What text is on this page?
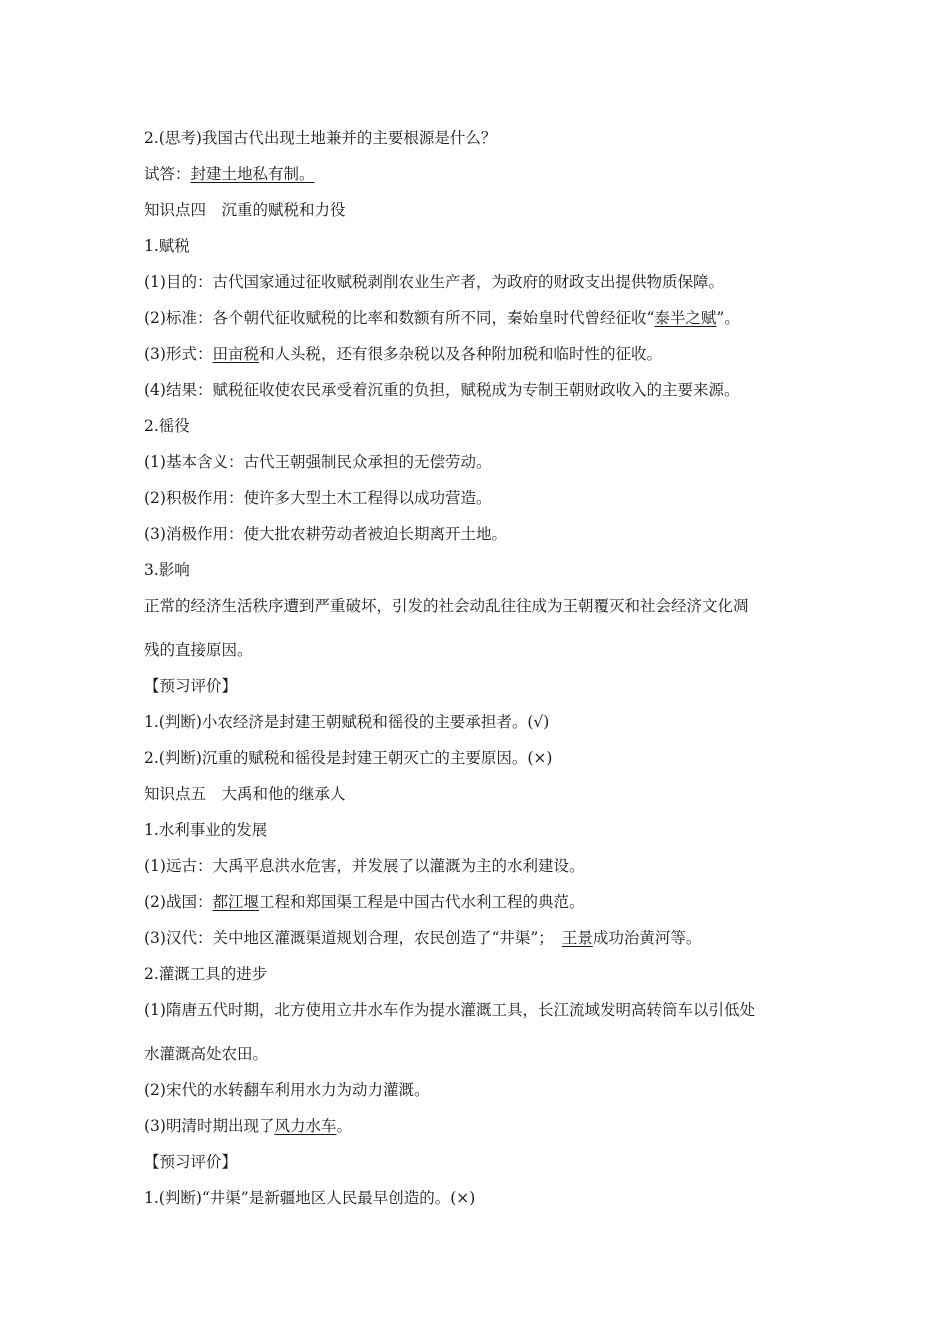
2.(思考)我国古代出现土地兼并的主要根源是什么？
试答：封建土地私有制。
知识点四　沉重的赋税和力役
1.赋税
(1)目的：古代国家通过征收赋税剥削农业生产者，为政府的财政支出提供物质保障。
(2)标准：各个朝代征收赋税的比率和数额有所不同，秦始皇时代曾经征收“泰半之赋”。
(3)形式：田亩税和人头税，还有很多杂税以及各种附加税和临时性的征收。
(4)结果：赋税征收使农民承受着沉重的负担，赋税成为专制王朝财政收入的主要来源。
2.徭役
(1)基本含义：古代王朝强制民众承担的无偿劳动。
(2)积极作用：使许多大型土木工程得以成功营造。
(3)消极作用：使大批农耕劳动者被迫长期离开土地。
3.影响
正常的经济生活秩序遭到严重破坏，引发的社会动乱往往成为王朝覆灭和社会经济文化凋
残的直接原因。
【预习评价】
1.(判断)小农经济是封建王朝赋税和徭役的主要承担者。(√)
2.(判断)沉重的赋税和徭役是封建王朝灭亡的主要原因。(×)
知识点五　大禹和他的继承人
1.水利事业的发展
(1)远古：大禹平息洪水危害，并发展了以灌溉为主的水利建设。
(2)战国：都江堰工程和郑国渠工程是中国古代水利工程的典范。
(3)汉代：关中地区灌溉渠道规划合理，农民创造了“井渠”； 王景成功治黄河等。
2.灌溉工具的进步
(1)隋唐五代时期，北方使用立井水车作为提水灌溉工具，长江流域发明高转筒车以引低处
水灌溉高处农田。
(2)宋代的水转翻车利用水力为动力灌溉。
(3)明清时期出现了风力水车。
【预习评价】
1.(判断)“井渠”是新疆地区人民最早创造的。(×)
